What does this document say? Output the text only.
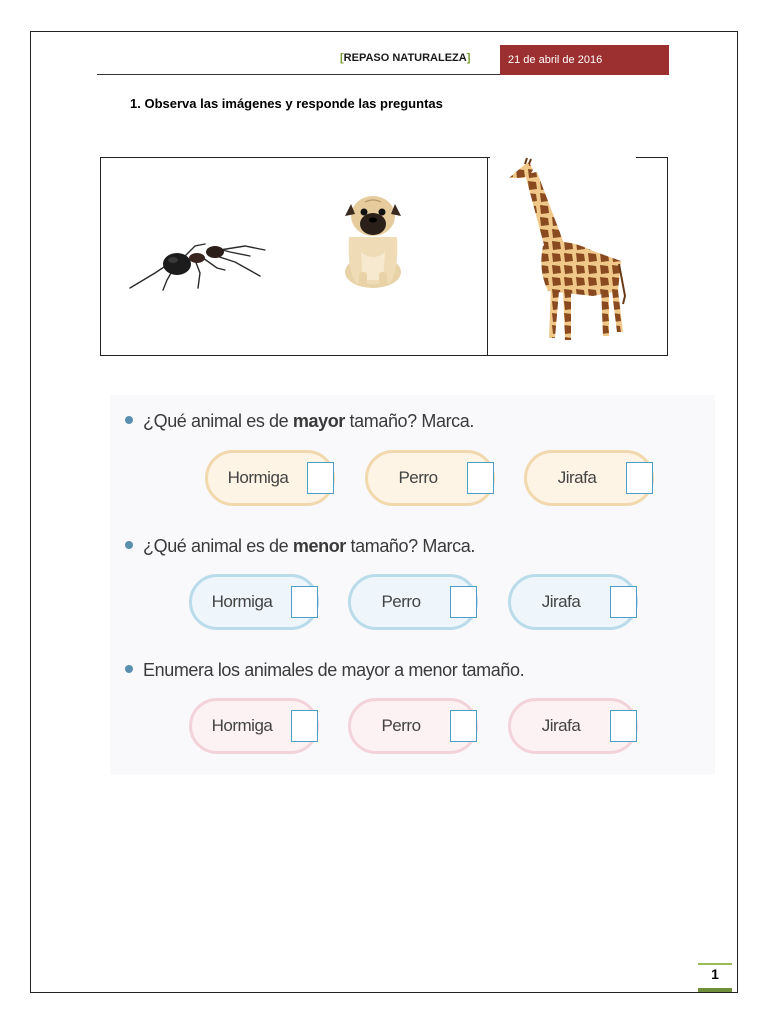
[REPASO NATURALEZA]	21 de abril de 2016
1. Observa las imágenes y responde las preguntas
¿Qué animal es de mayor tamaño? Marca.
Hormiga	Perro	Jirafa
¿Qué animal es de menor tamaño? Marca.
Hormiga	Perro	Jirafa
Enumera los animales de mayor a menor tamaño.
Hormiga	Perro	Jirafa
1
